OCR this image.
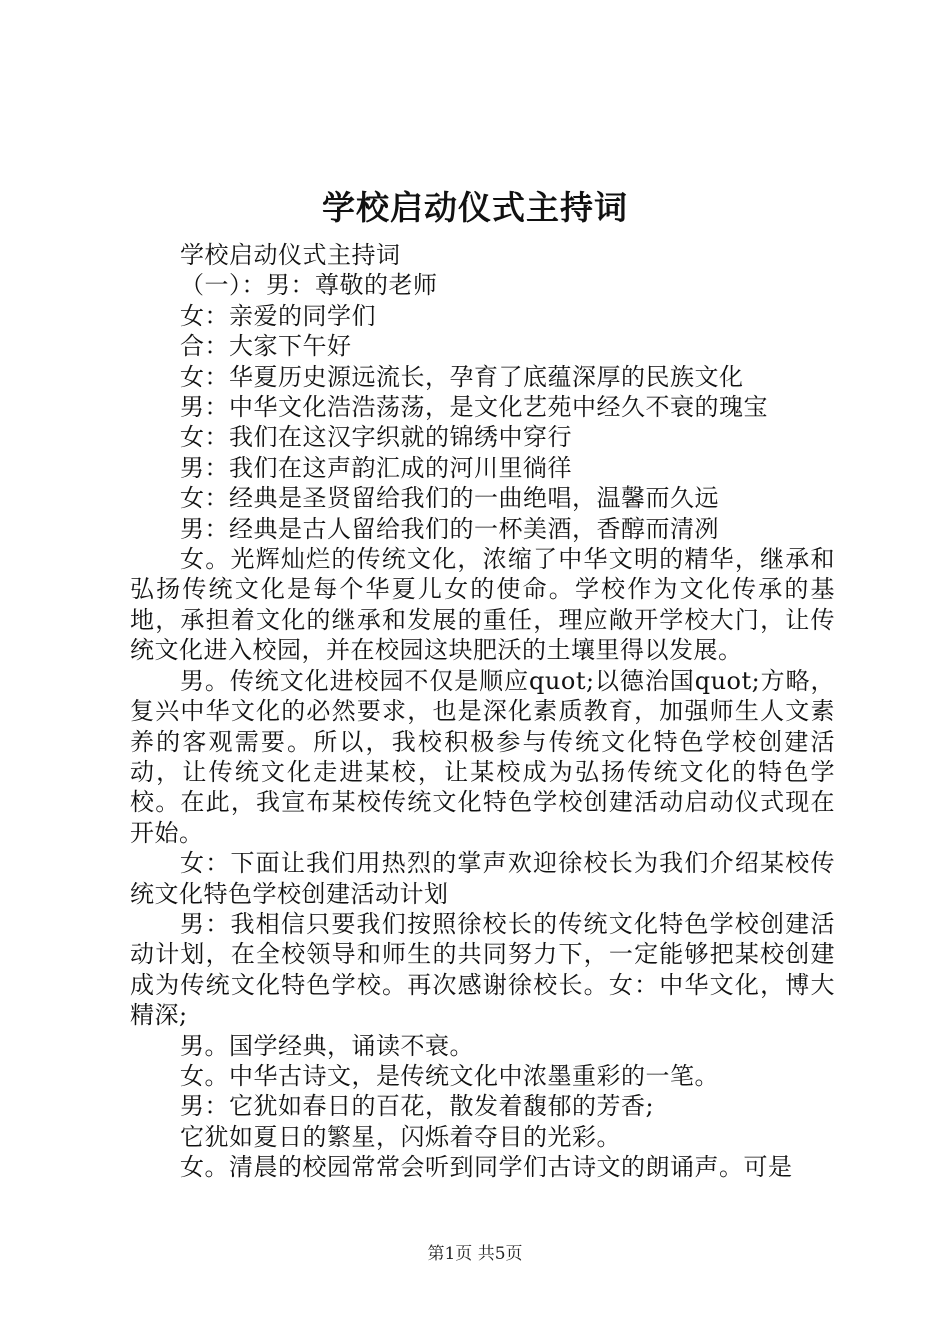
学校启动仪式主持词

学校启动仪式主持词

（一）：男：尊敬的老师

女：亲爱的同学们

合：大家下午好

女：华夏历史源远流长，孕育了底蕴深厚的民族文化

男：中华文化浩浩荡荡，是文化艺苑中经久不衰的瑰宝

女：我们在这汉字织就的锦绣中穿行

男：我们在这声韵汇成的河川里徜徉

女：经典是圣贤留给我们的一曲绝唱，温馨而久远

男：经典是古人留给我们的一杯美酒，香醇而清冽

女。光辉灿烂的传统文化，浓缩了中华文明的精华，继承和弘扬传统文化是每个华夏儿女的使命。学校作为文化传承的基地，承担着文化的继承和发展的重任，理应敞开学校大门，让传统文化进入校园，并在校园这块肥沃的土壤里得以发展。

男。传统文化进校园不仅是顺应quot;以德治国quot;方略，复兴中华文化的必然要求，也是深化素质教育，加强师生人文素养的客观需要。所以，我校积极参与传统文化特色学校创建活动，让传统文化走进某校，让某校成为弘扬传统文化的特色学校。在此，我宣布某校传统文化特色学校创建活动启动仪式现在开始。

女：下面让我们用热烈的掌声欢迎徐校长为我们介绍某校传统文化特色学校创建活动计划

男：我相信只要我们按照徐校长的传统文化特色学校创建活动计划，在全校领导和师生的共同努力下，一定能够把某校创建成为传统文化特色学校。再次感谢徐校长。女：中华文化，博大精深;

男。国学经典，诵读不衰。

女。中华古诗文，是传统文化中浓墨重彩的一笔。

男：它犹如春日的百花，散发着馥郁的芳香;

它犹如夏日的繁星，闪烁着夺目的光彩。

女。清晨的校园常常会听到同学们古诗文的朗诵声。可是

第1页 共5页
